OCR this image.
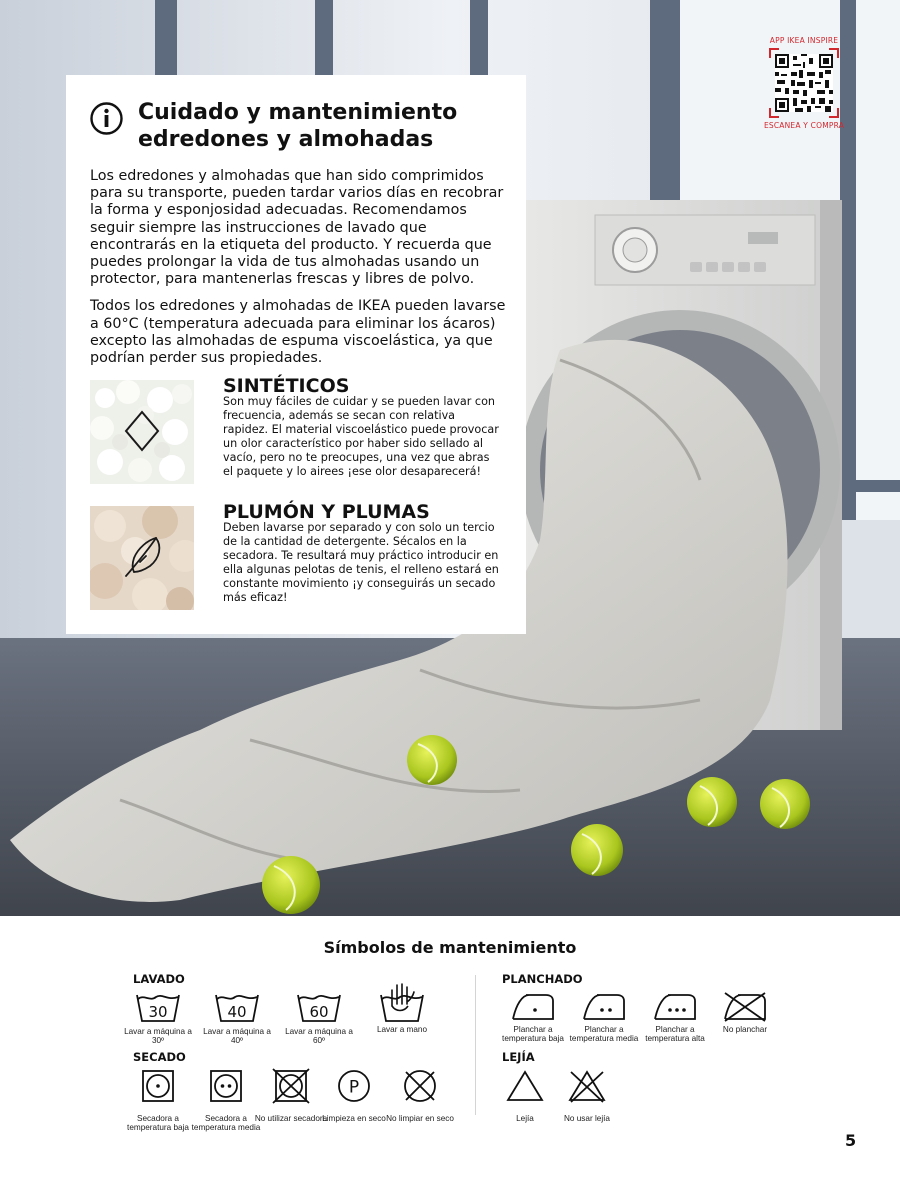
APP IKEA INSPIRE
ESCANEA Y COMPRA
Cuidado y mantenimiento edredones y almohadas

Los edredones y almohadas que han sido comprimidos para su transporte, pueden tardar varios días en recobrar la forma y esponjosidad adecuadas. Recomendamos seguir siempre las instrucciones de lavado que encontrarás en la etiqueta del producto. Y recuerda que puedes prolongar la vida de tus almohadas usando un protector, para mantenerlas frescas y libres de polvo.

Todos los edredones y almohadas de IKEA pueden lavarse a 60°C (temperatura adecuada para eliminar los ácaros) excepto las almohadas de espuma viscoelástica, ya que podrían perder sus propiedades.

SINTÉTICOS
Son muy fáciles de cuidar y se pueden lavar con frecuencia, además se secan con relativa rapidez. El material viscoelástico puede provocar un olor característico por haber sido sellado al vacío, pero no te preocupes, una vez que abras el paquete y lo airees ¡ese olor desaparecerá!
PLUMÓN Y PLUMAS
Deben lavarse por separado y con solo un tercio de la cantidad de detergente. Sécalos en la secadora. Te resultará muy práctico introducir en ella algunas pelotas de tenis, el relleno estará en constante movimiento ¡y conseguirás un secado más eficaz!
Símbolos de mantenimiento
LAVADO
SECADO
PLANCHADO
LEJÍA
30
Lavar a máquina a 30º
40
Lavar a máquina a 40º
60
Lavar a máquina a 60º
Lavar a mano
Secadora a temperatura baja
Secadora a temperatura media
No utilizar secadora
P
Limpieza en seco No limpiar en seco
Planchar a temperatura baja
Planchar a temperatura media
Planchar a temperatura alta
No planchar
Lejía	No usar lejía
5
